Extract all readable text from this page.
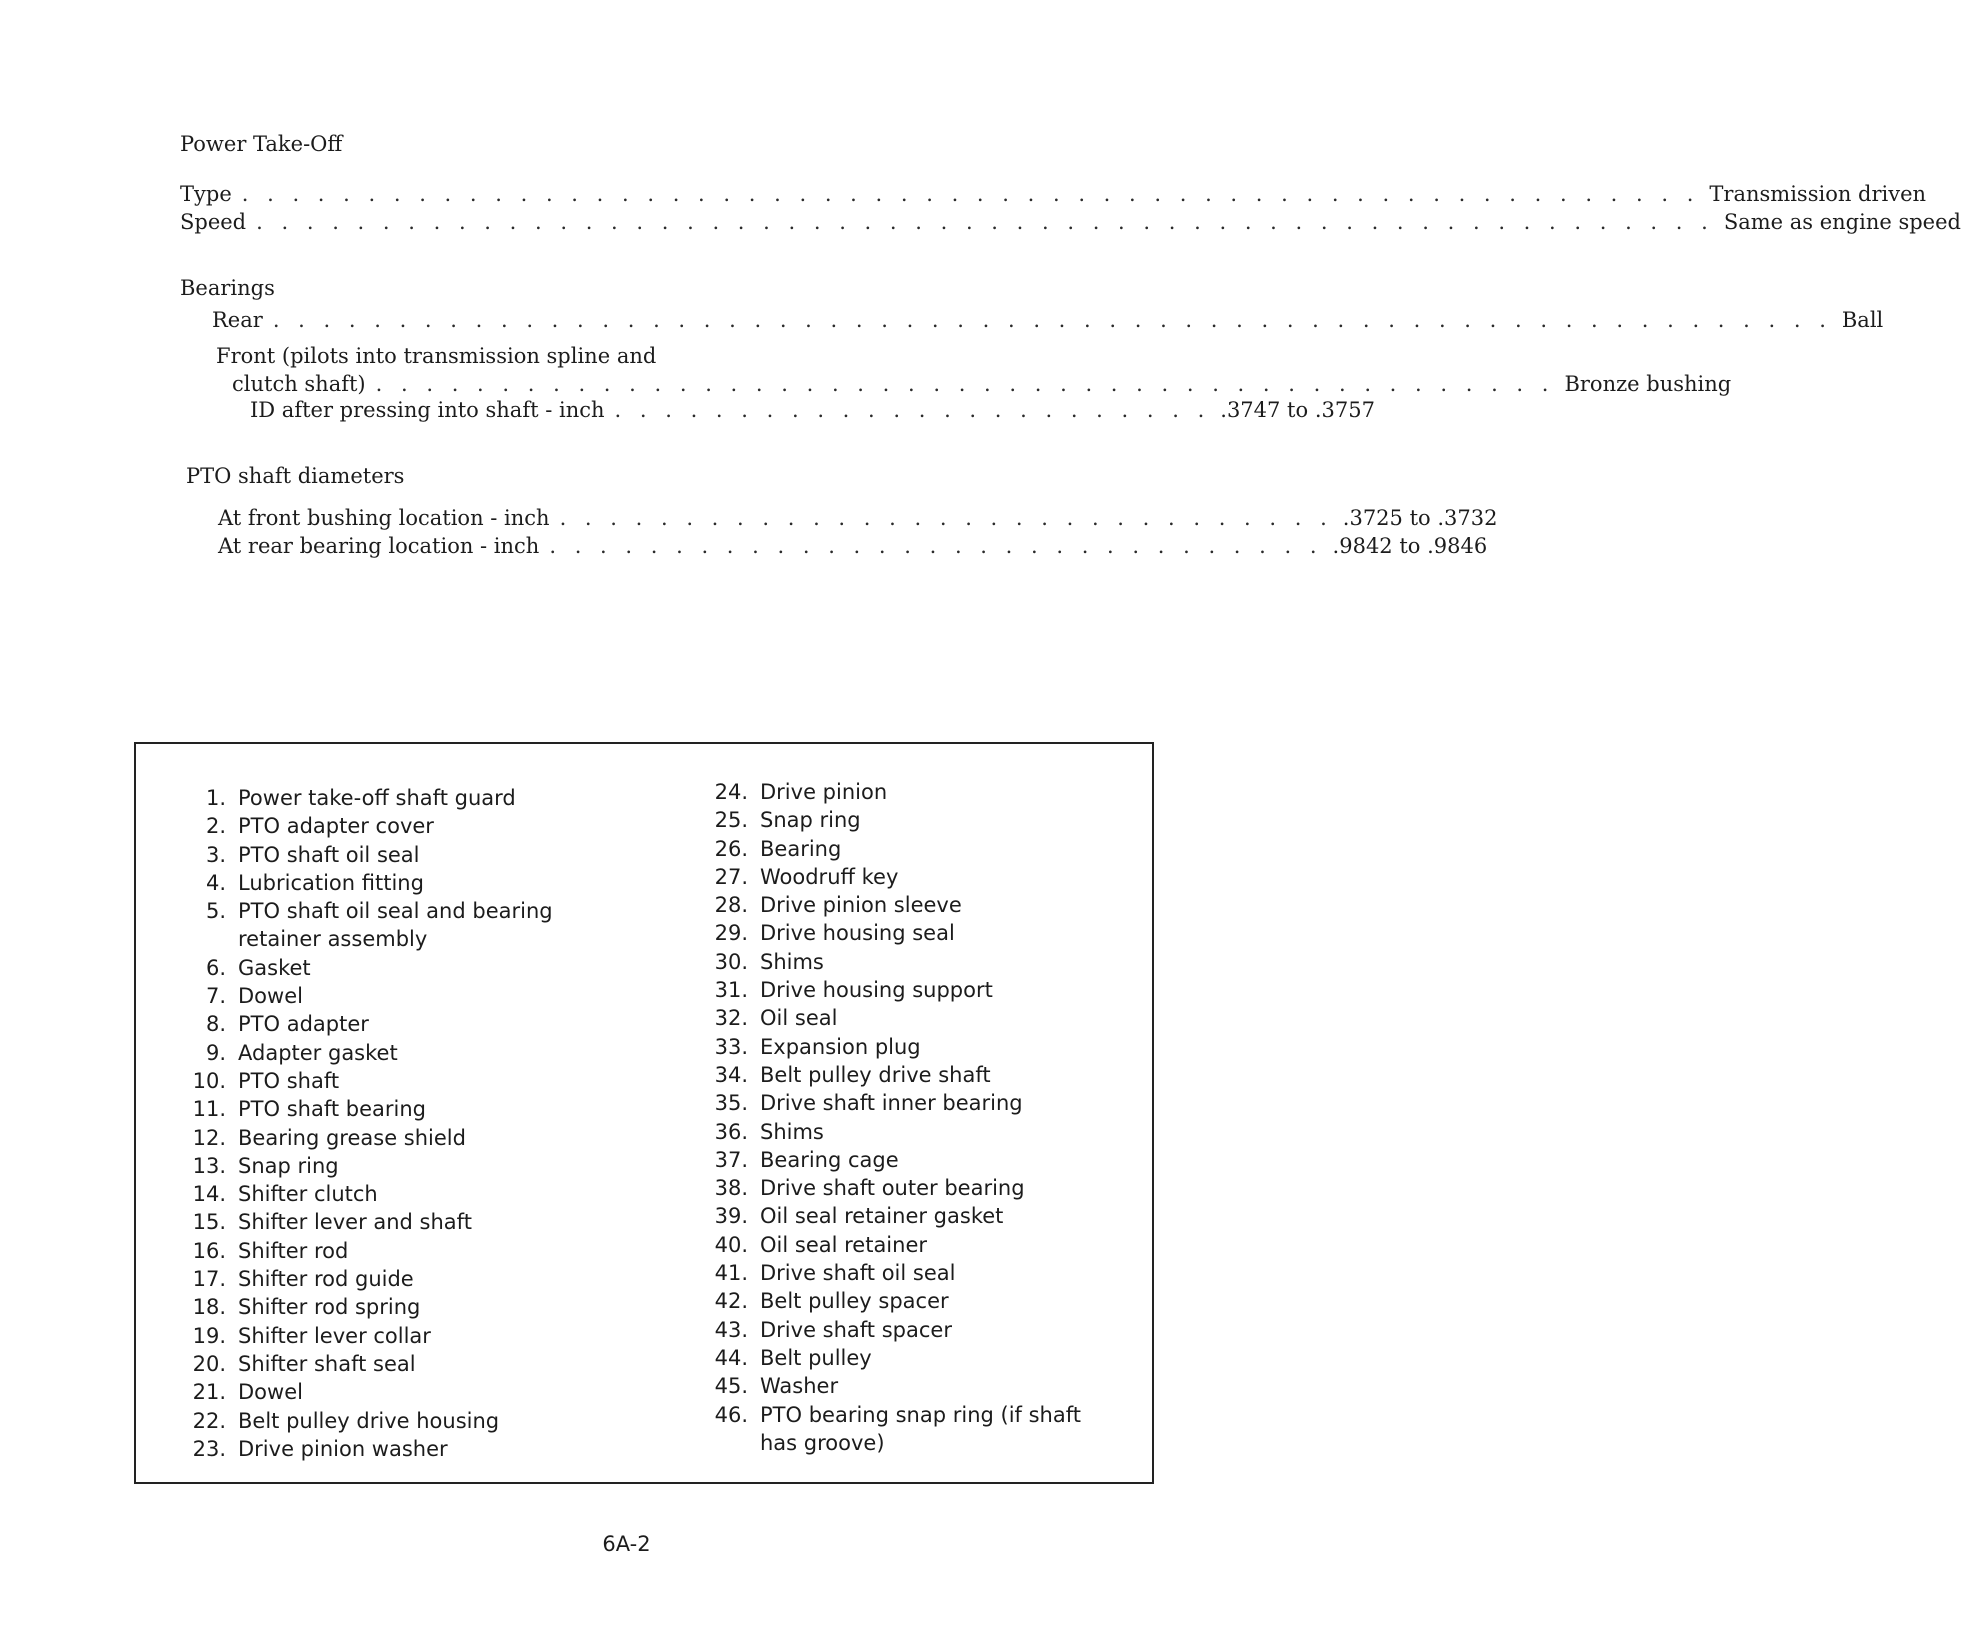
Power Take-Off
Type . . . . . . . . . . . . . . . . . . . . . . . . . . . . . . . . . . . . . . . . . . . . . . . . . . . . . . . . . . Transmission driven
Speed . . . . . . . . . . . . . . . . . . . . . . . . . . . . . . . . . . . . . . . . . . . . . . . . . . . . . . . . . . Same as engine speed
Bearings
Rear . . . . . . . . . . . . . . . . . . . . . . . . . . . . . . . . . . . . . . . . . . . . . . . . . . . . . . . . . . . . . . Ball
Front (pilots into transmission spline and
clutch shaft) . . . . . . . . . . . . . . . . . . . . . . . . . . . . . . . . . . . . . . . . . . . . . . . Bronze bushing
ID after pressing into shaft - inch . . . . . . . . . . . . . . . . . . . . . . . . .3747 to .3757
PTO shaft diameters
At front bushing location - inch . . . . . . . . . . . . . . . . . . . . . . . . . . . . . . . .3725 to .3732
At rear bearing location - inch . . . . . . . . . . . . . . . . . . . . . . . . . . . . . . . .9842 to .9846
1. Power take-off shaft guard
2. PTO adapter cover
3. PTO shaft oil seal
4. Lubrication fitting
5. PTO shaft oil seal and bearing
retainer assembly
6. Gasket
7. Dowel
8. PTO adapter
9. Adapter gasket
10. PTO shaft
11. PTO shaft bearing
12. Bearing grease shield
13. Snap ring
14. Shifter clutch
15. Shifter lever and shaft
16. Shifter rod
17. Shifter rod guide
18. Shifter rod spring
19. Shifter lever collar
20. Shifter shaft seal
21. Dowel
22. Belt pulley drive housing
23. Drive pinion washer
24. Drive pinion
25. Snap ring
26. Bearing
27. Woodruff key
28. Drive pinion sleeve
29. Drive housing seal
30. Shims
31. Drive housing support
32. Oil seal
33. Expansion plug
34. Belt pulley drive shaft
35. Drive shaft inner bearing
36. Shims
37. Bearing cage
38. Drive shaft outer bearing
39. Oil seal retainer gasket
40. Oil seal retainer
41. Drive shaft oil seal
42. Belt pulley spacer
43. Drive shaft spacer
44. Belt pulley
45. Washer
46. PTO bearing snap ring (if shaft
has groove)
6A-2
